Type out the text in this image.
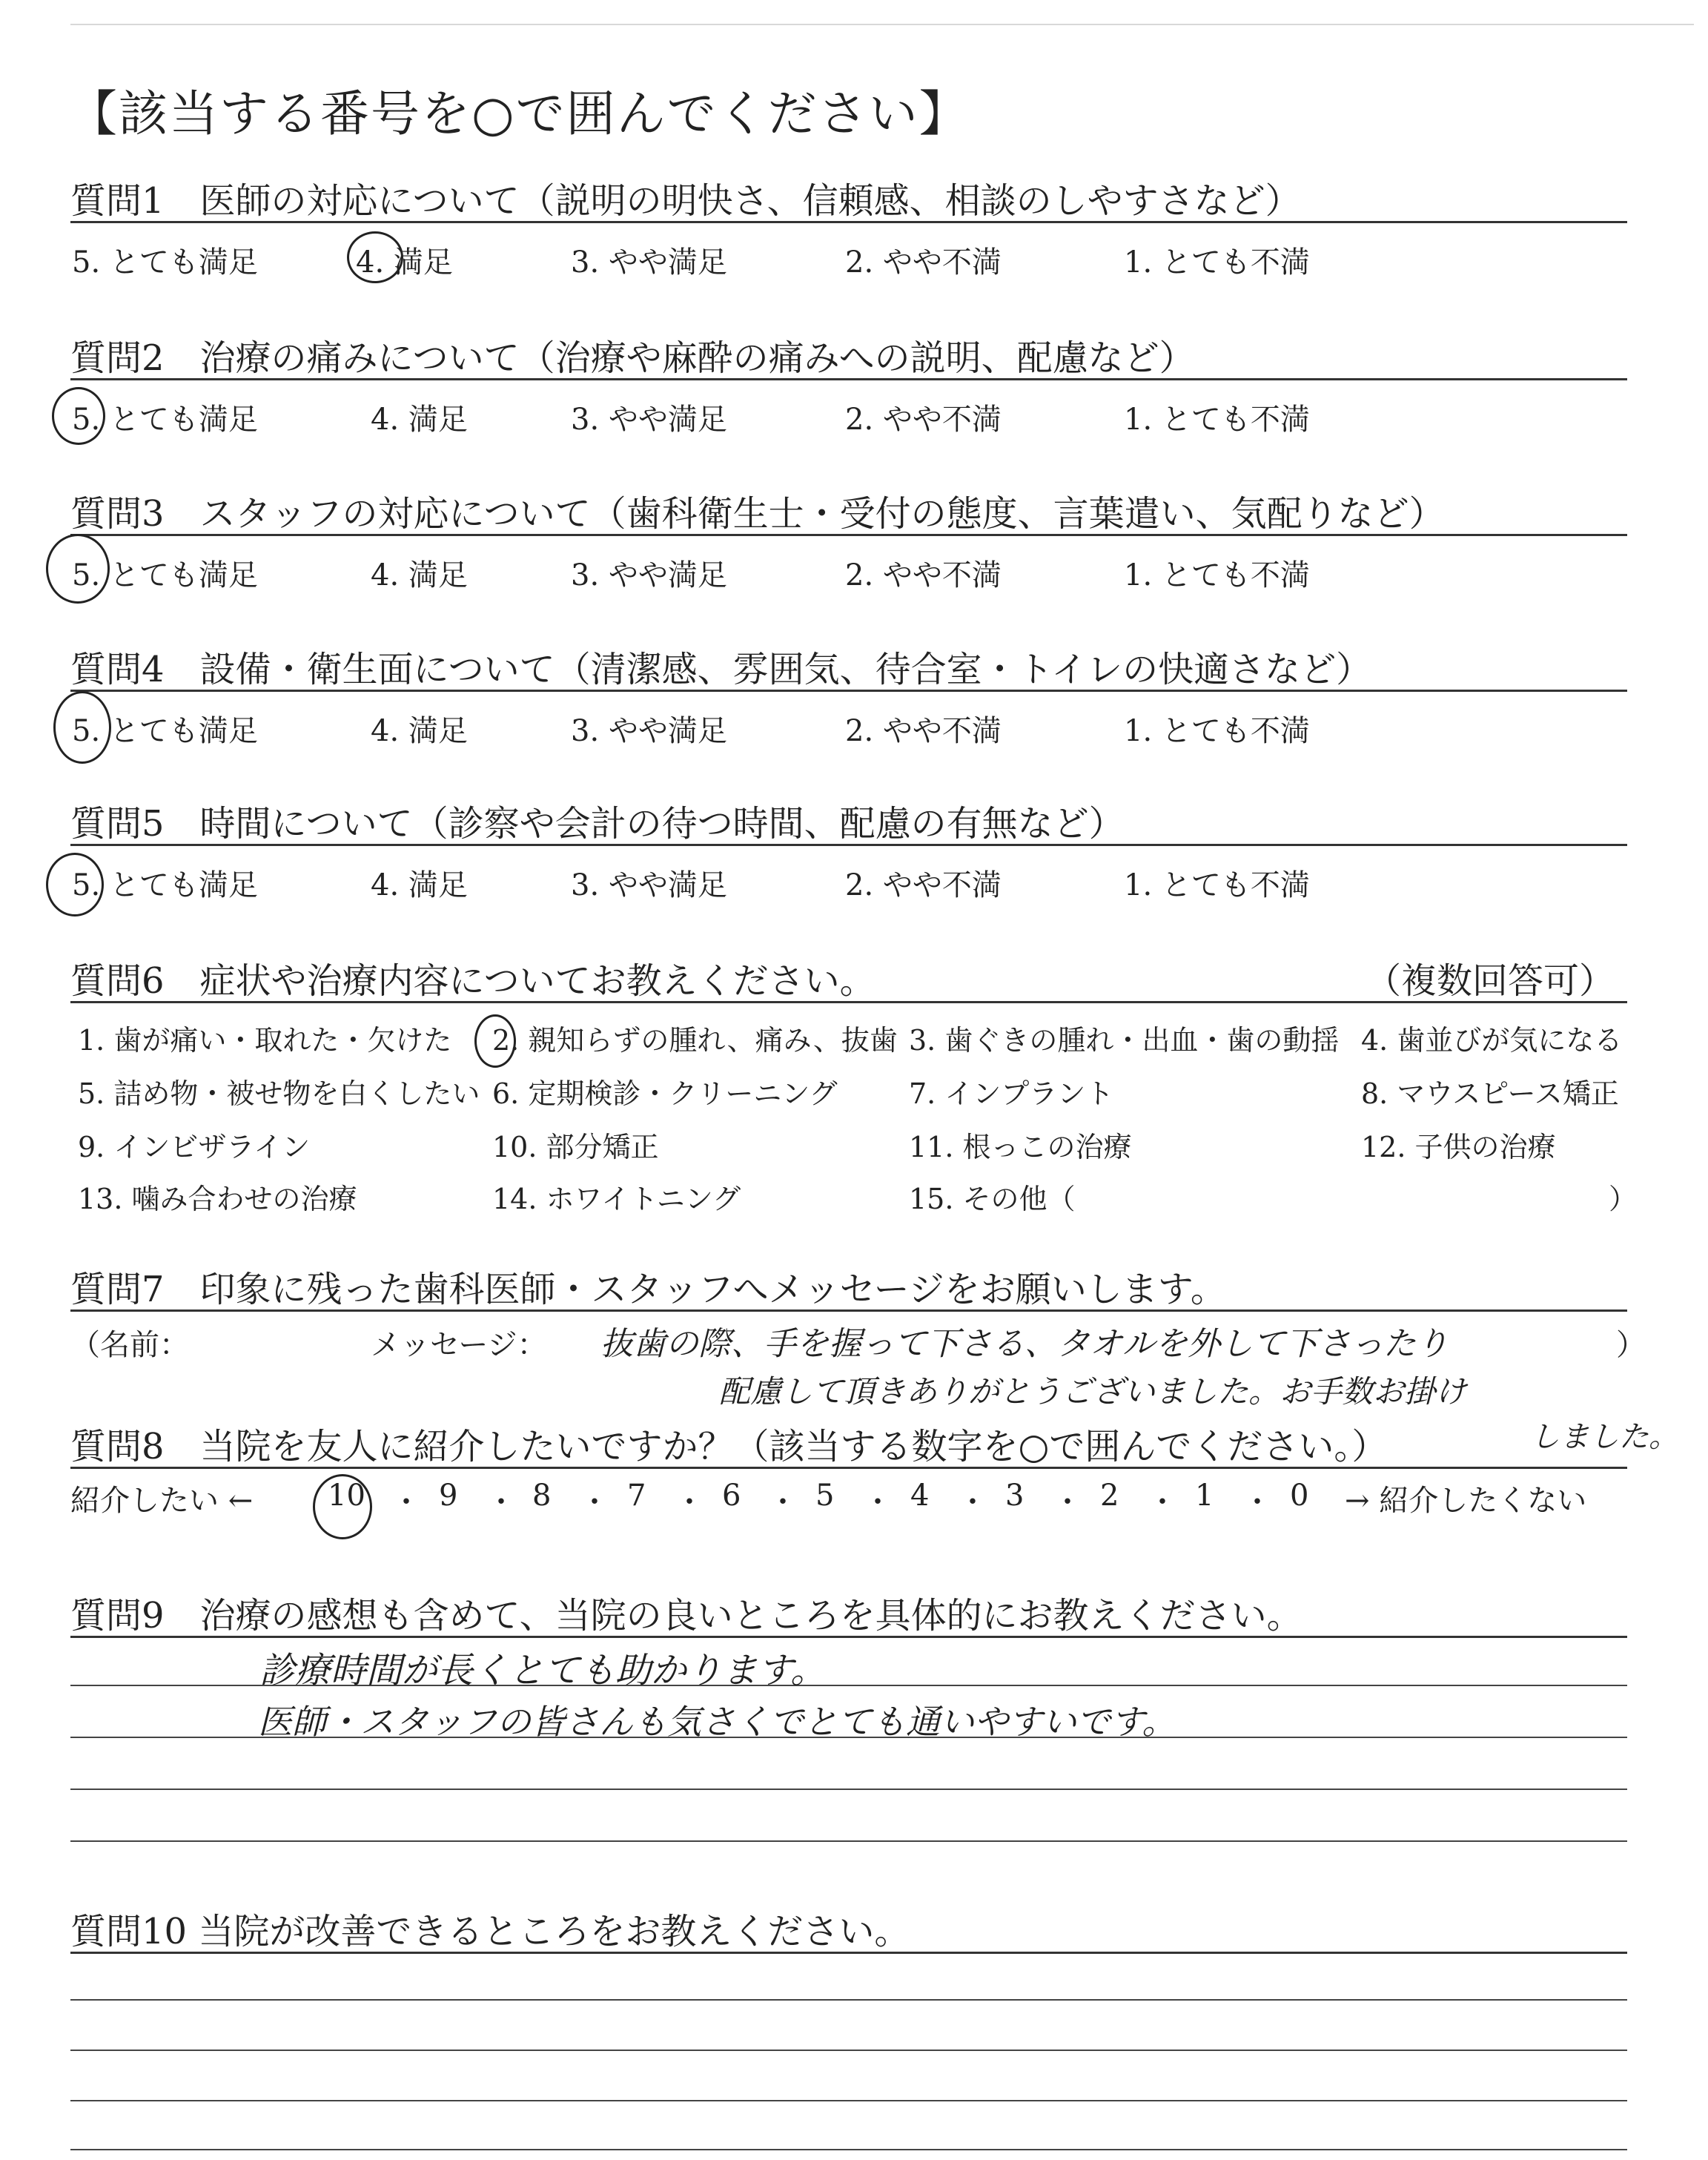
【該当する番号を○で囲んでください】
質問1　医師の対応について（説明の明快さ、信頼感、相談のしやすさなど）
5. とても満足	4. 満足	3. やや満足	2. やや不満	1. とても不満
質問2　治療の痛みについて（治療や麻酔の痛みへの説明、配慮など）
5. とても満足	4. 満足	3. やや満足	2. やや不満	1. とても不満
質問3　スタッフの対応について（歯科衛生士・受付の態度、言葉遣い、気配りなど）
5. とても満足	4. 満足	3. やや満足	2. やや不満	1. とても不満
質問4　設備・衛生面について（清潔感、雰囲気、待合室・トイレの快適さなど）
5. とても満足	4. 満足	3. やや満足	2. やや不満	1. とても不満
質問5　時間について（診察や会計の待つ時間、配慮の有無など）
5. とても満足	4. 満足	3. やや満足	2. やや不満	1. とても不満
質問6　症状や治療内容についてお教えください。	（複数回答可）
1. 歯が痛い・取れた・欠けた 2. 親知らずの腫れ、痛み、抜歯 3. 歯ぐきの腫れ・出血・歯の動揺 4. 歯並びが気になる
5. 詰め物・被せ物を白くしたい 6. 定期検診・クリーニング	7. インプラント	8. マウスピース矯正
9. インビザライン	10. 部分矯正	11. 根っこの治療	12. 子供の治療
13. 噛み合わせの治療	14. ホワイトニング	15. その他（	）
質問7　印象に残った歯科医師・スタッフへメッセージをお願いします。
（名前：	メッセージ：	）
抜歯の際、手を握って下さる、タオルを外して下さったり
配慮して頂きありがとうございました。お手数お掛け
しました。
質問8　当院を友人に紹介したいですか？（該当する数字を○で囲んでください。）
紹介したい ←	10 ・ 9 ・ 8 ・ 7 ・ 6 ・ 5 ・ 4 ・ 3 ・ 2 ・ 1 ・ 0 → 紹介したくない
質問9　治療の感想も含めて、当院の良いところを具体的にお教えください。
診療時間が長くとても助かります。
医師・スタッフの皆さんも気さくでとても通いやすいです。
質問10 当院が改善できるところをお教えください。
